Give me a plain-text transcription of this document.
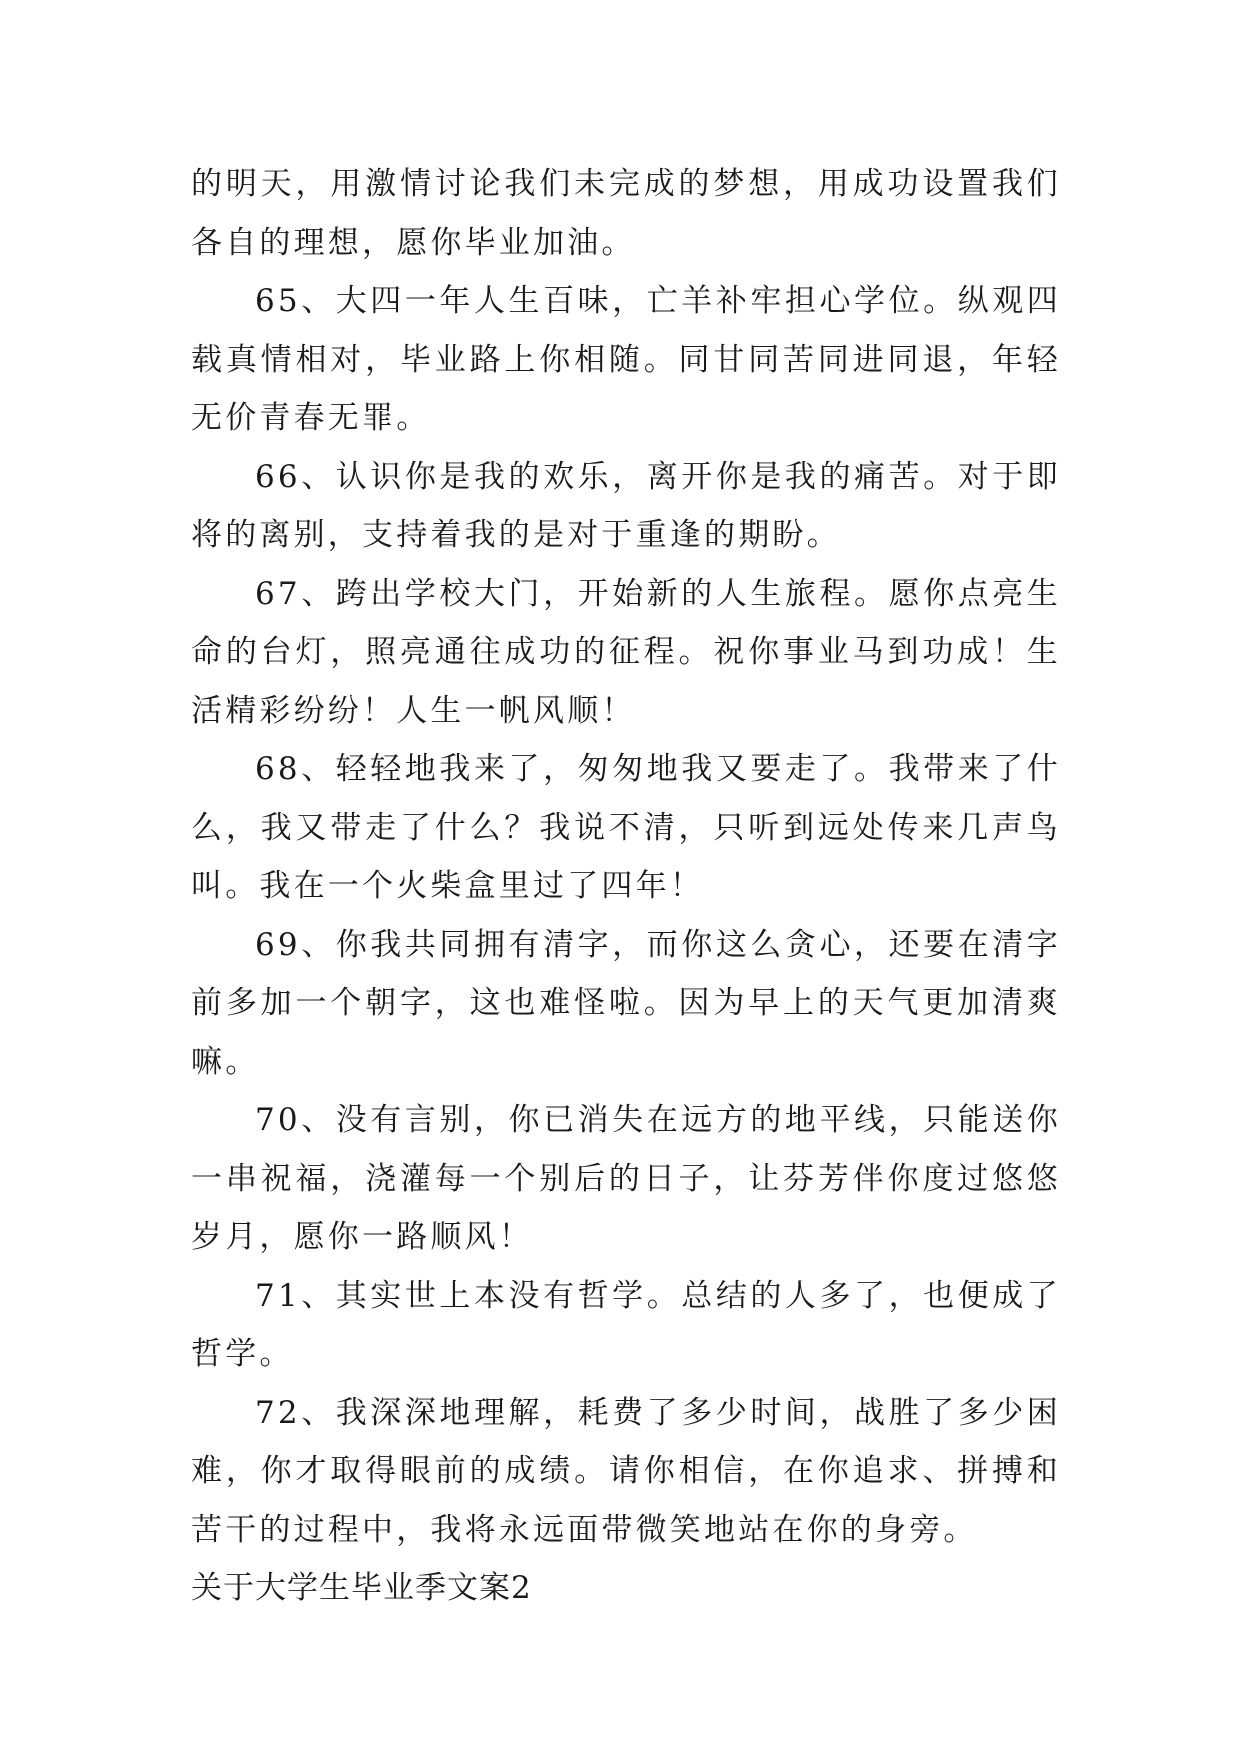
的明天，用激情讨论我们未完成的梦想，用成功设置我们各自的理想，愿你毕业加油。

65、大四一年人生百味，亡羊补牢担心学位。纵观四载真情相对，毕业路上你相随。同甘同苦同进同退，年轻无价青春无罪。

66、认识你是我的欢乐，离开你是我的痛苦。对于即将的离别，支持着我的是对于重逢的期盼。

67、跨出学校大门，开始新的人生旅程。愿你点亮生命的台灯，照亮通往成功的征程。祝你事业马到功成！生活精彩纷纷！人生一帆风顺！

68、轻轻地我来了，匆匆地我又要走了。我带来了什么，我又带走了什么？我说不清，只听到远处传来几声鸟叫。我在一个火柴盒里过了四年！

69、你我共同拥有清字，而你这么贪心，还要在清字前多加一个朝字，这也难怪啦。因为早上的天气更加清爽嘛。

70、没有言别，你已消失在远方的地平线，只能送你一串祝福，浇灌每一个别后的日子，让芬芳伴你度过悠悠岁月，愿你一路顺风！

71、其实世上本没有哲学。总结的人多了，也便成了哲学。

72、我深深地理解，耗费了多少时间，战胜了多少困难，你才取得眼前的成绩。请你相信，在你追求、拼搏和苦干的过程中，我将永远面带微笑地站在你的身旁。

关于大学生毕业季文案2
